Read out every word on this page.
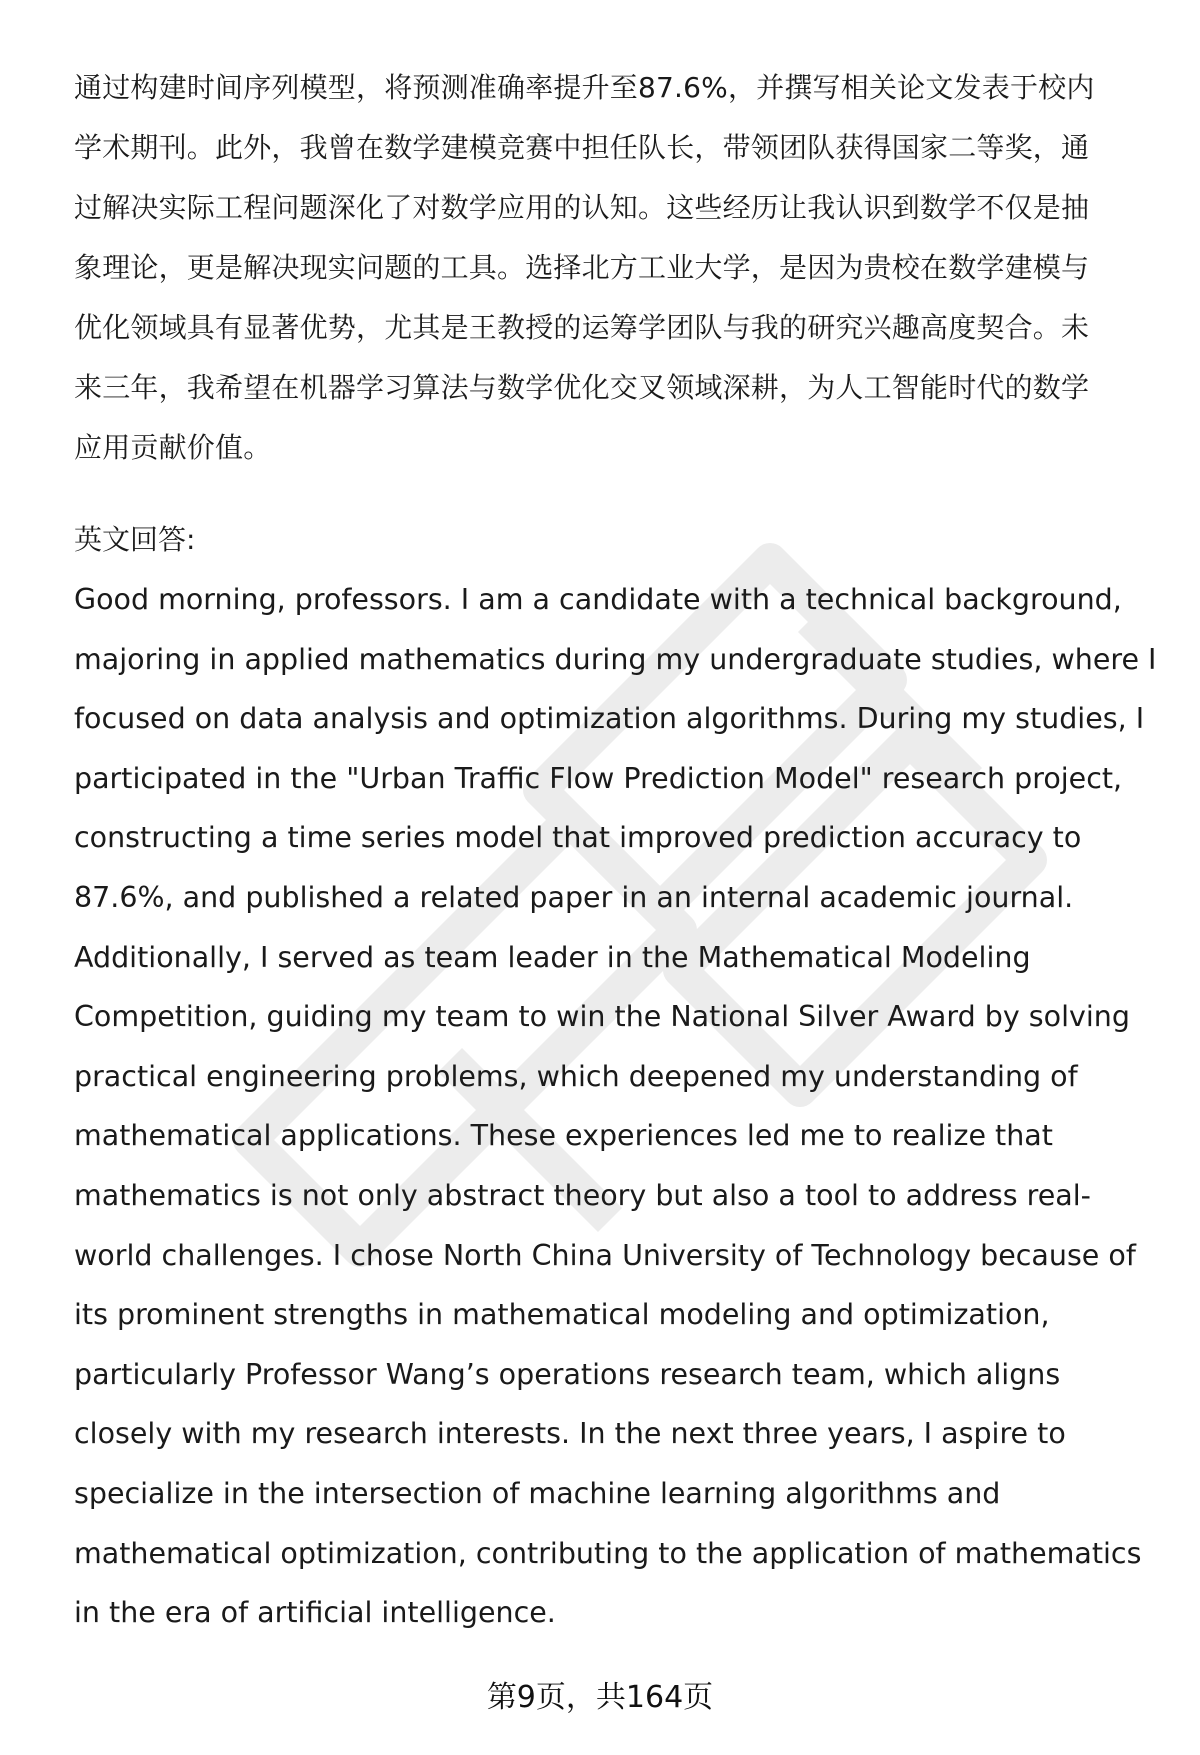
通过构建时间序列模型，将预测准确率提升至87.6%，并撰写相关论文发表于校内
学术期刊。此外，我曾在数学建模竞赛中担任队长，带领团队获得国家二等奖，通
过解决实际工程问题深化了对数学应用的认知。这些经历让我认识到数学不仅是抽
象理论，更是解决现实问题的工具。选择北方工业大学，是因为贵校在数学建模与
优化领域具有显著优势，尤其是王教授的运筹学团队与我的研究兴趣高度契合。未
来三年，我希望在机器学习算法与数学优化交叉领域深耕，为人工智能时代的数学
应用贡献价值。

英文回答:

Good morning, professors. I am a candidate with a technical background,
majoring in applied mathematics during my undergraduate studies, where I
focused on data analysis and optimization algorithms. During my studies, I
participated in the "Urban Traffic Flow Prediction Model" research project,
constructing a time series model that improved prediction accuracy to
87.6%, and published a related paper in an internal academic journal.
Additionally, I served as team leader in the Mathematical Modeling
Competition, guiding my team to win the National Silver Award by solving
practical engineering problems, which deepened my understanding of
mathematical applications. These experiences led me to realize that
mathematics is not only abstract theory but also a tool to address real-
world challenges. I chose North China University of Technology because of
its prominent strengths in mathematical modeling and optimization,
particularly Professor Wang’s operations research team, which aligns
closely with my research interests. In the next three years, I aspire to
specialize in the intersection of machine learning algorithms and
mathematical optimization, contributing to the application of mathematics
in the era of artificial intelligence.

第9页，共164页
